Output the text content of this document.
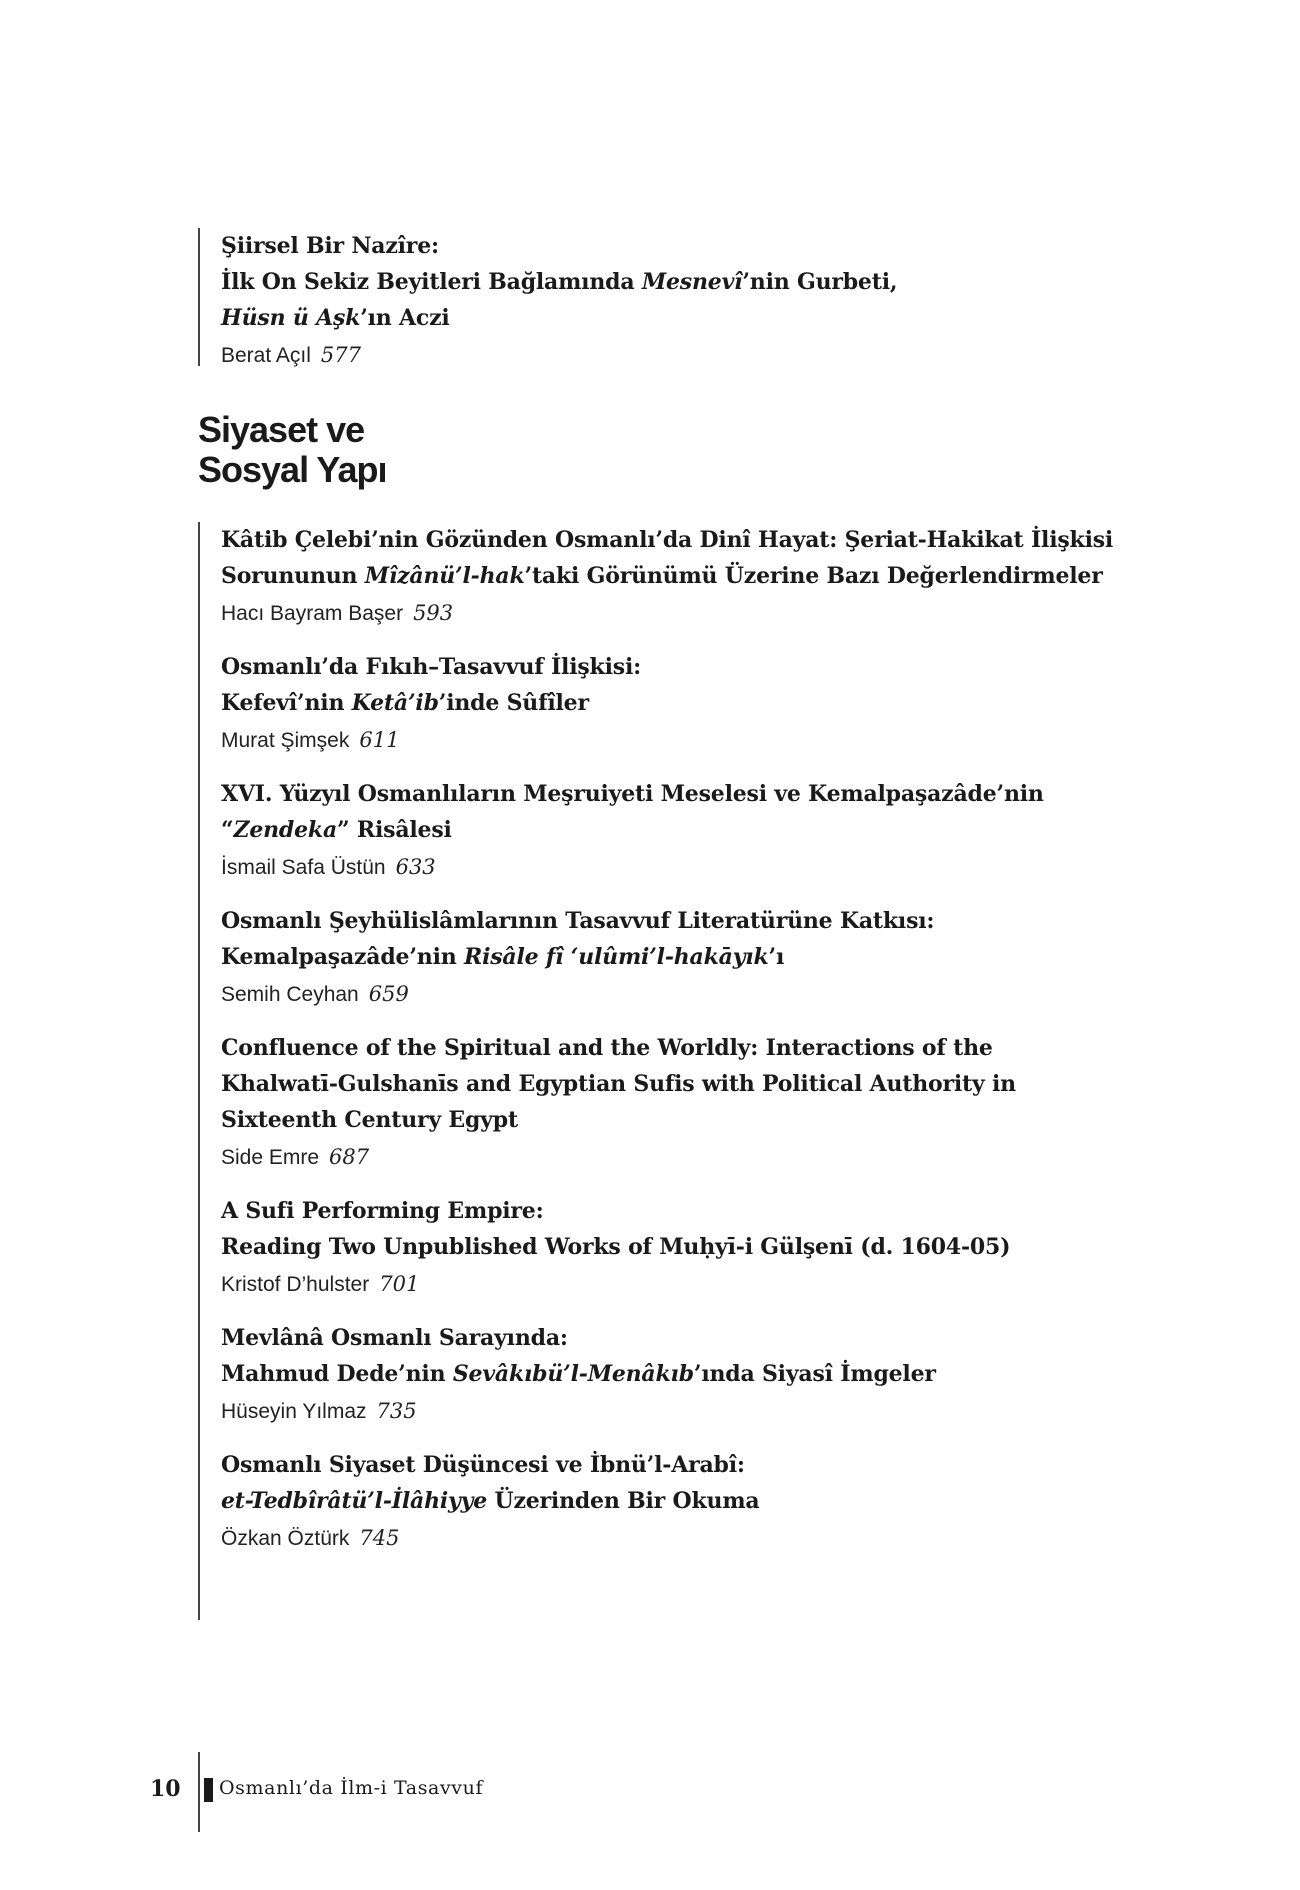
Şiirsel Bir Nazîre:
İlk On Sekiz Beyitleri Bağlamında Mesnevî’nin Gurbeti,
Hüsn ü Aşk’ın Aczi
Berat Açıl 577
Siyaset ve
Sosyal Yapı
Kâtib Çelebi’nin Gözünden Osmanlı’da Dinî Hayat: Şeriat-Hakikat İlişkisi
Sorununun Mîzânü’l-hak’taki Görünümü Üzerine Bazı Değerlendirmeler
Hacı Bayram Başer 593
Osmanlı’da Fıkıh–Tasavvuf İlişkisi:
Kefevî’nin Ketâ’ib’inde Sûfîler
Murat Şimşek 611
XVI. Yüzyıl Osmanlıların Meşruiyeti Meselesi ve Kemalpaşazâde’nin
“Zendeka” Risâlesi
İsmail Safa Üstün 633
Osmanlı Şeyhülislâmlarının Tasavvuf Literatürüne Katkısı:
Kemalpaşazâde’nin Risâle fî ‘ulûmi’l-hakāyık’ı
Semih Ceyhan 659
Confluence of the Spiritual and the Worldly: Interactions of the
Khalwatī-Gulshanīs and Egyptian Sufis with Political Authority in
Sixteenth Century Egypt
Side Emre 687
A Sufi Performing Empire:
Reading Two Unpublished Works of Muḥyī-i Gülşenī (d. 1604-05)
Kristof D’hulster 701
Mevlânâ Osmanlı Sarayında:
Mahmud Dede’nin Sevâkıbü’l-Menâkıb’ında Siyasî İmgeler
Hüseyin Yılmaz 735
Osmanlı Siyaset Düşüncesi ve İbnü’l-Arabî:
et-Tedbîrâtü’l-İlâhiyye Üzerinden Bir Okuma
Özkan Öztürk 745
10 Osmanlı’da İlm-i Tasavvuf
